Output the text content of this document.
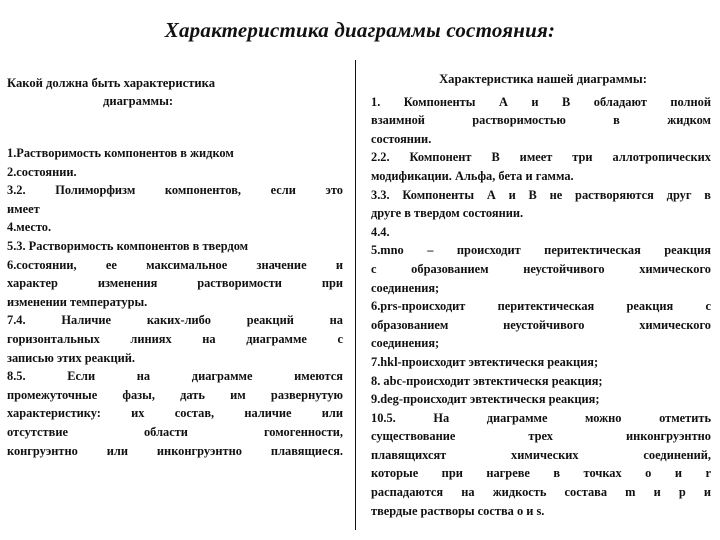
Характеристика диаграммы состояния:
Какой должна быть характеристика
диаграммы:
1.Растворимость компонентов в жидком
2.состоянии.
3.2. Полиморфизм компонентов, если это
имеет
4.место.
5.3. Растворимость компонентов в твердом
6.состоянии, ее максимальное значение и
характер изменения растворимости при
изменении температуры.
7.4. Наличие каких-либо реакций на
горизонтальных линиях на диаграмме с
записью этих реакций.
8.5. Если на диаграмме имеются
промежуточные фазы, дать им развернутую
характеристику: их состав, наличие или
отсутствие области гомогенности,
конгруэнтно или инконгруэнтно плавящиеся.
Характеристика нашей диаграммы:
1. Компоненты А и В обладают полной
взаимной растворимостью в жидком
состоянии.
2.2. Компонент В имеет три аллотропических
модификации. Альфа, бета и гамма.
3.3. Компоненты А и В не растворяются друг в
друге в твердом состоянии.
4.4.
5.mno – происходит перитектическая реакция
с образованием неустойчивого химического
соединения;
6.prs-происходит перитектическая реакция с
образованием неустойчивого химического
соединения;
7.hkl-происходит эвтектическя реакция;
8. abc-происходит эвтектическя реакция;
9.deg-происходит эвтектическя реакция;
10.5. На диаграмме можно отметить
существование трех инконгруэнтно
плавящихсят химических соединений,
которые при нагреве в точках o и r
распадаются на жидкость состава m и p и
твердые растворы соства o и s.
